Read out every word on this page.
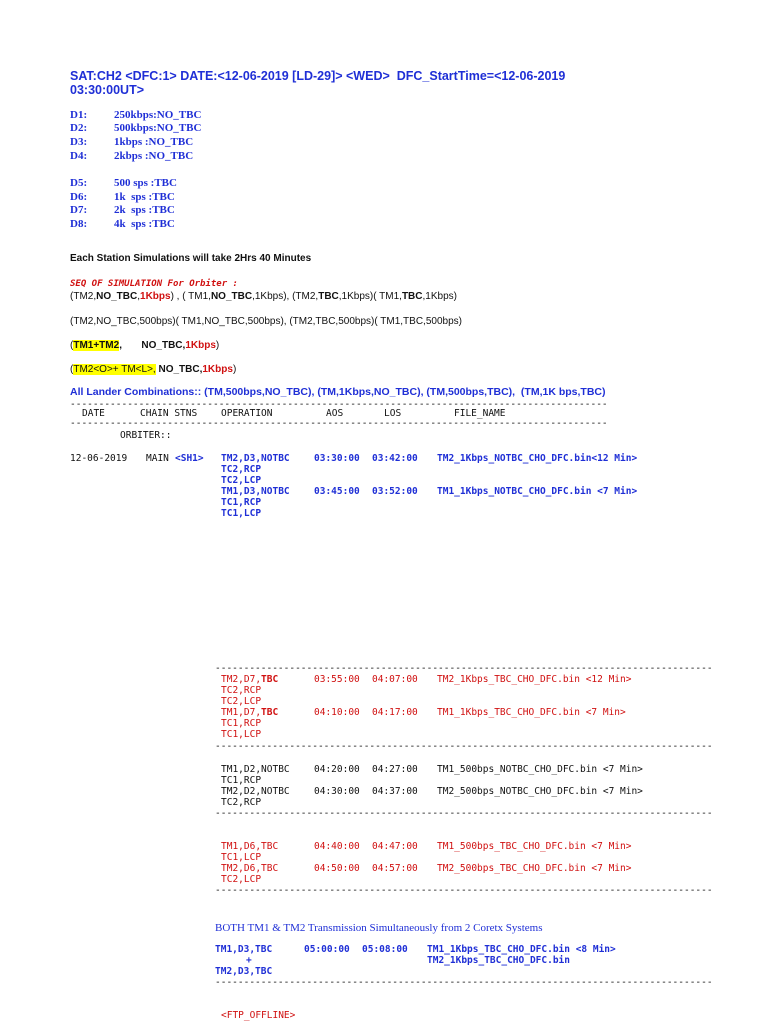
SAT:CH2 <DFC:1> DATE:<12-06-2019 [LD-29]> <WED>  DFC_StartTime=<12-06-2019
03:30:00UT>
D1: 250kbps:NO_TBC
D2: 500kbps:NO_TBC
D3: 1kbps :NO_TBC
D4: 2kbps :NO_TBC
D5: 500 sps :TBC
D6: 1k  sps :TBC
D7: 2k  sps :TBC
D8: 4k  sps :TBC
Each Station Simulations will take 2Hrs 40 Minutes
SEQ OF SIMULATION For Orbiter :
(TM2,NO_TBC,1Kbps) , ( TM1,NO_TBC,1Kbps), (TM2,TBC,1Kbps)( TM1,TBC,1Kbps)
(TM2,NO_TBC,500bps)( TM1,NO_TBC,500bps), (TM2,TBC,500bps)( TM1,TBC,500bps)
(TM1+TM2,       NO_TBC,1Kbps)
(TM2<O>+ TM<L>, NO_TBC,1Kbps)
All Lander Combinations:: (TM,500bps,NO_TBC), (TM,1Kbps,NO_TBC), (TM,500bps,TBC),  (TM,1K bps,TBC)
----------------------------------------------------------------------------------------------
DATE	CHAIN STNS	OPERATION	AOS	LOS	FILE_NAME
----------------------------------------------------------------------------------------------
ORBITER::
12-06-2019 MAIN <SH1> TM2,D3,NOTBC	03:30:00 03:42:00 TM2_1Kbps_NOTBC_CHO_DFC.bin<12 Min>
TC2,RCP
TC2,LCP
TM1,D3,NOTBC	03:45:00 03:52:00 TM1_1Kbps_NOTBC_CHO_DFC.bin <7 Min>
TC1,RCP
TC1,LCP
---------------------------------------------------------------------------------------
TM2,D7,TBC	03:55:00 04:07:00 TM2_1Kbps_TBC_CHO_DFC.bin <12 Min>
TC2,RCP
TC2,LCP
TM1,D7,TBC	04:10:00 04:17:00 TM1_1Kbps_TBC_CHO_DFC.bin <7 Min>
TC1,RCP
TC1,LCP
---------------------------------------------------------------------------------------
TM1,D2,NOTBC	04:20:00 04:27:00 TM1_500bps_NOTBC_CHO_DFC.bin <7 Min>
TC1,RCP
TM2,D2,NOTBC	04:30:00 04:37:00 TM2_500bps_NOTBC_CHO_DFC.bin <7 Min>
TC2,RCP
---------------------------------------------------------------------------------------
TM1,D6,TBC	04:40:00 04:47:00 TM1_500bps_TBC_CHO_DFC.bin <7 Min>
TC1,LCP
TM2,D6,TBC	04:50:00 04:57:00 TM2_500bps_TBC_CHO_DFC.bin <7 Min>
TC2,LCP
---------------------------------------------------------------------------------------
BOTH TM1 & TM2 Transmission Simultaneously from 2 Coretx Systems
TM1,D3,TBC	05:00:00 05:08:00 TM1_1Kbps_TBC_CHO_DFC.bin <8 Min>
+	TM2_1Kbps_TBC_CHO_DFC.bin
TM2,D3,TBC
---------------------------------------------------------------------------------------
<FTP_OFFLINE>
